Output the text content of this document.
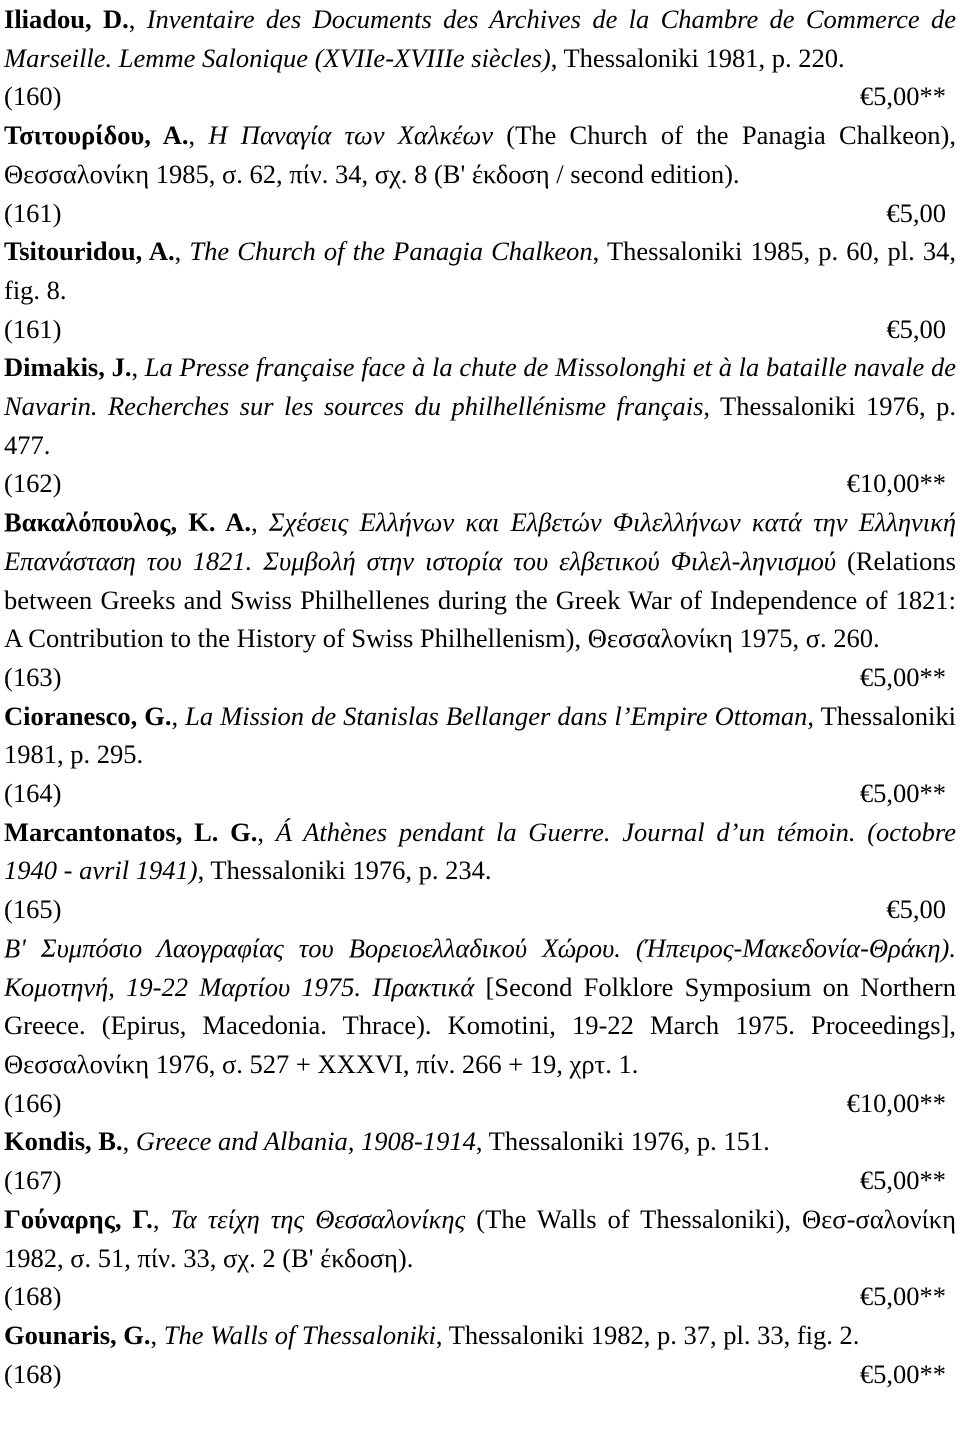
Iliadou, D., Inventaire des Documents des Archives de la Chambre de Commerce de Marseille. Lemme Salonique (XVIIe-XVIIIe siècles), Thessaloniki 1981, p. 220.

(160)	€5,00**

Τσιτουρίδου, Α., Η Παναγία των Χαλκέων (The Church of the Panagia Chalkeon), Θεσσαλονίκη 1985, σ. 62, πίν. 34, σχ. 8 (B' έκδοση / second edition).

(161)	€5,00

Tsitouridou, A., The Church of the Panagia Chalkeon, Thessaloniki 1985, p. 60, pl. 34, fig. 8.

(161)	€5,00

Dimakis, J., La Presse française face à la chute de Missolonghi et à la bataille navale de Navarin. Recherches sur les sources du philhellénisme français, Thessaloniki 1976, p. 477.

(162)	€10,00**

Βακαλόπουλος, Κ. Α., Σχέσεις Ελλήνων και Ελβετών Φιλελλήνων κατά την Ελληνική Επανάσταση του 1821. Συμβολή στην ιστορία του ελβετικού Φιλελ-ληνισμού (Relations between Greeks and Swiss Philhellenes during the Greek War of Independence of 1821: A Contribution to the History of Swiss Philhellenism), Θεσσαλονίκη 1975, σ. 260.

(163)	€5,00**

Cioranesco, G., La Mission de Stanislas Bellanger dans l’Empire Ottoman, Thessaloniki 1981, p. 295.

(164)	€5,00**

Marcantonatos, L. G., Á Athènes pendant la Guerre. Journal d’un témoin. (octobre 1940 - avril 1941), Thessaloniki 1976, p. 234.

(165)	€5,00

Β' Συμπόσιο Λαογραφίας του Βορειοελλαδικού Χώρου. (Ήπειρος-Μακεδονία-Θράκη). Κομοτηνή, 19-22 Μαρτίου 1975. Πρακτικά [Second Folklore Symposium on Northern Greece. (Epirus, Macedonia. Thrace). Komotini, 19-22 March 1975. Proceedings], Θεσσαλονίκη 1976, σ. 527 + XXXVI, πίν. 266 + 19, χρτ. 1.

(166)	€10,00**

Kondis, B., Greece and Albania, 1908-1914, Thessaloniki 1976, p. 151.

(167)	€5,00**

Γούναρης, Γ., Τα τείχη της Θεσσαλονίκης (The Walls of Thessaloniki), Θεσ-σαλονίκη 1982, σ. 51, πίν. 33, σχ. 2 (B' έκδοση).

(168)	€5,00**

Gounaris, G., The Walls of Thessaloniki, Thessaloniki 1982, p. 37, pl. 33, fig. 2.

(168)	€5,00**
